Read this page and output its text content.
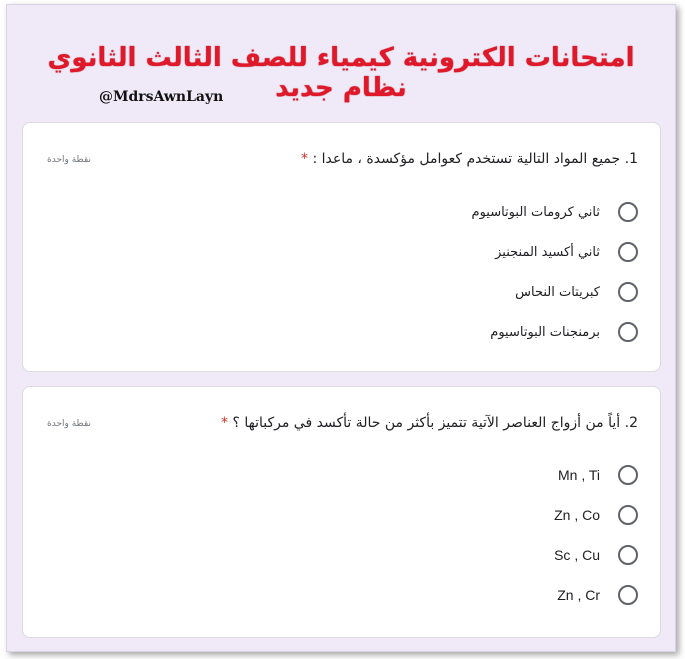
امتحانات الكترونية كيمياء للصف الثالث الثانوي نظام جديد
@MdrsAwnLayn
1. جميع المواد التالية تستخدم كعوامل مؤكسدة ، ماعدا : *
نقطة واحدة
ثاني كرومات البوتاسيوم
ثاني أكسيد المنجنيز
كبريتات النحاس
برمنجنات البوتاسيوم
2. أياً من أزواج العناصر الآتية تتميز بأكثر من حالة تأكسد في مركباتها ؟ *
نقطة واحدة
Mn , Ti
Zn , Co
Sc , Cu
Zn , Cr
